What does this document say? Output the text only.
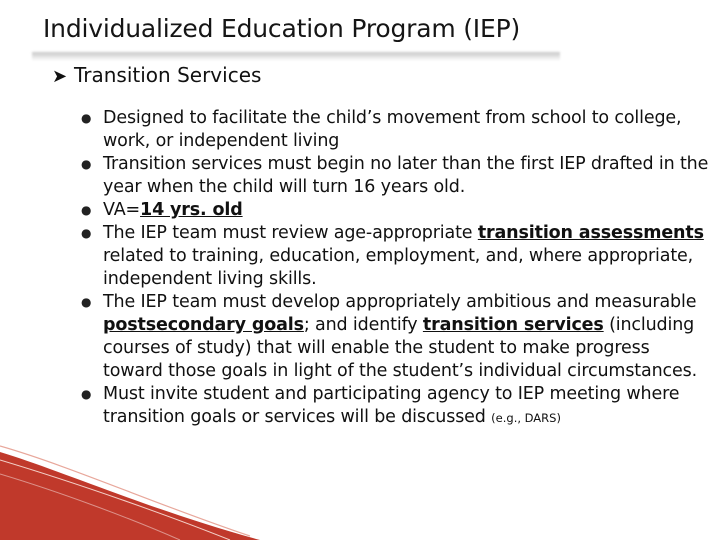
Individualized Education Program (IEP)
➤ Transition Services
● Designed to facilitate the child’s movement from school to college, work, or independent living
● Transition services must begin no later than the first IEP drafted in the year when the child will turn 16 years old.
● VA=14 yrs. old
● The IEP team must review age-appropriate transition assessments related to training, education, employment, and, where appropriate, independent living skills.
● The IEP team must develop appropriately ambitious and measurable postsecondary goals; and identify transition services (including courses of study) that will enable the student to make progress toward those goals in light of the student’s individual circumstances.
● Must invite student and participating agency to IEP meeting where transition goals or services will be discussed (e.g., DARS)
